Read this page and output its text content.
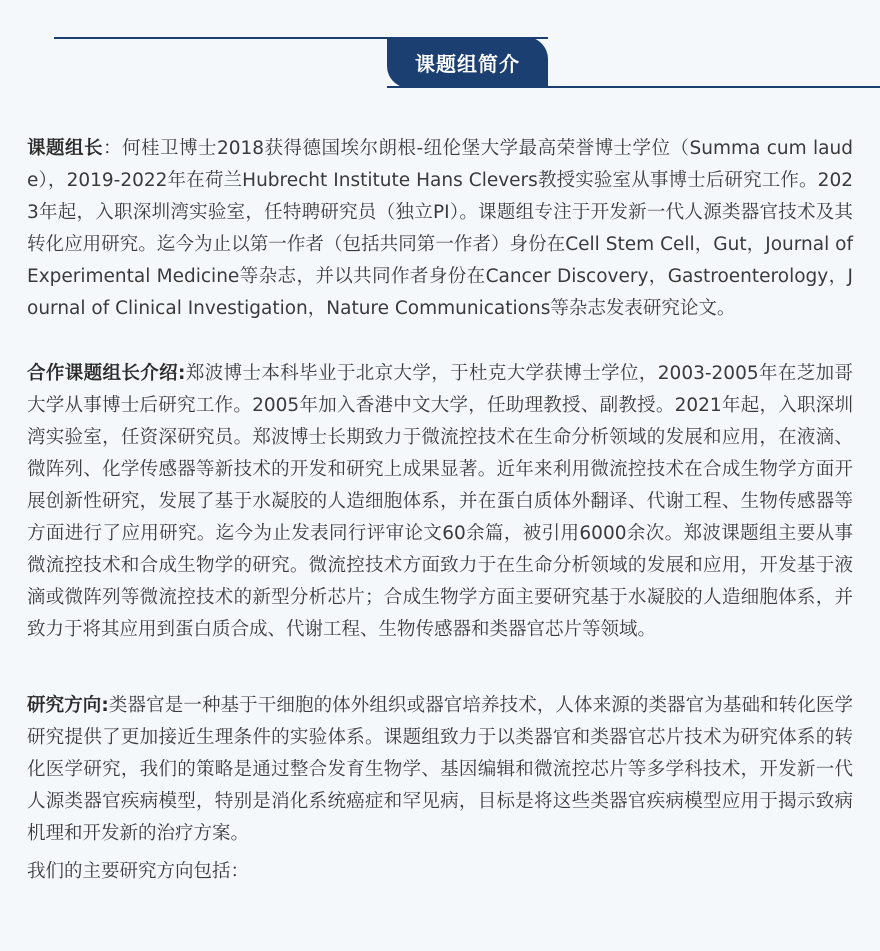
课题组简介

课题组长：何桂卫博士2018获得德国埃尔朗根-纽伦堡大学最高荣誉博士学位（Summa cum laude），2019-2022年在荷兰Hubrecht Institute Hans Clevers教授实验室从事博士后研究工作。2023年起，入职深圳湾实验室，任特聘研究员（独立PI）。课题组专注于开发新一代人源类器官技术及其转化应用研究。迄今为止以第一作者（包括共同第一作者）身份在Cell Stem Cell，Gut，Journal of Experimental Medicine等杂志，并以共同作者身份在Cancer Discovery，Gastroenterology，Journal of Clinical Investigation，Nature Communications等杂志发表研究论文。

合作课题组长介绍:郑波博士本科毕业于北京大学，于杜克大学获博士学位，2003-2005年在芝加哥大学从事博士后研究工作。2005年加入香港中文大学，任助理教授、副教授。2021年起，入职深圳湾实验室，任资深研究员。郑波博士长期致力于微流控技术在生命分析领域的发展和应用，在液滴、微阵列、化学传感器等新技术的开发和研究上成果显著。近年来利用微流控技术在合成生物学方面开展创新性研究，发展了基于水凝胶的人造细胞体系，并在蛋白质体外翻译、代谢工程、生物传感器等方面进行了应用研究。迄今为止发表同行评审论文60余篇，被引用6000余次。郑波课题组主要从事微流控技术和合成生物学的研究。微流控技术方面致力于在生命分析领域的发展和应用，开发基于液滴或微阵列等微流控技术的新型分析芯片；合成生物学方面主要研究基于水凝胶的人造细胞体系，并致力于将其应用到蛋白质合成、代谢工程、生物传感器和类器官芯片等领域。

研究方向:类器官是一种基于干细胞的体外组织或器官培养技术，人体来源的类器官为基础和转化医学研究提供了更加接近生理条件的实验体系。课题组致力于以类器官和类器官芯片技术为研究体系的转化医学研究，我们的策略是通过整合发育生物学、基因编辑和微流控芯片等多学科技术，开发新一代人源类器官疾病模型，特别是消化系统癌症和罕见病，目标是将这些类器官疾病模型应用于揭示致病机理和开发新的治疗方案。

我们的主要研究方向包括：
